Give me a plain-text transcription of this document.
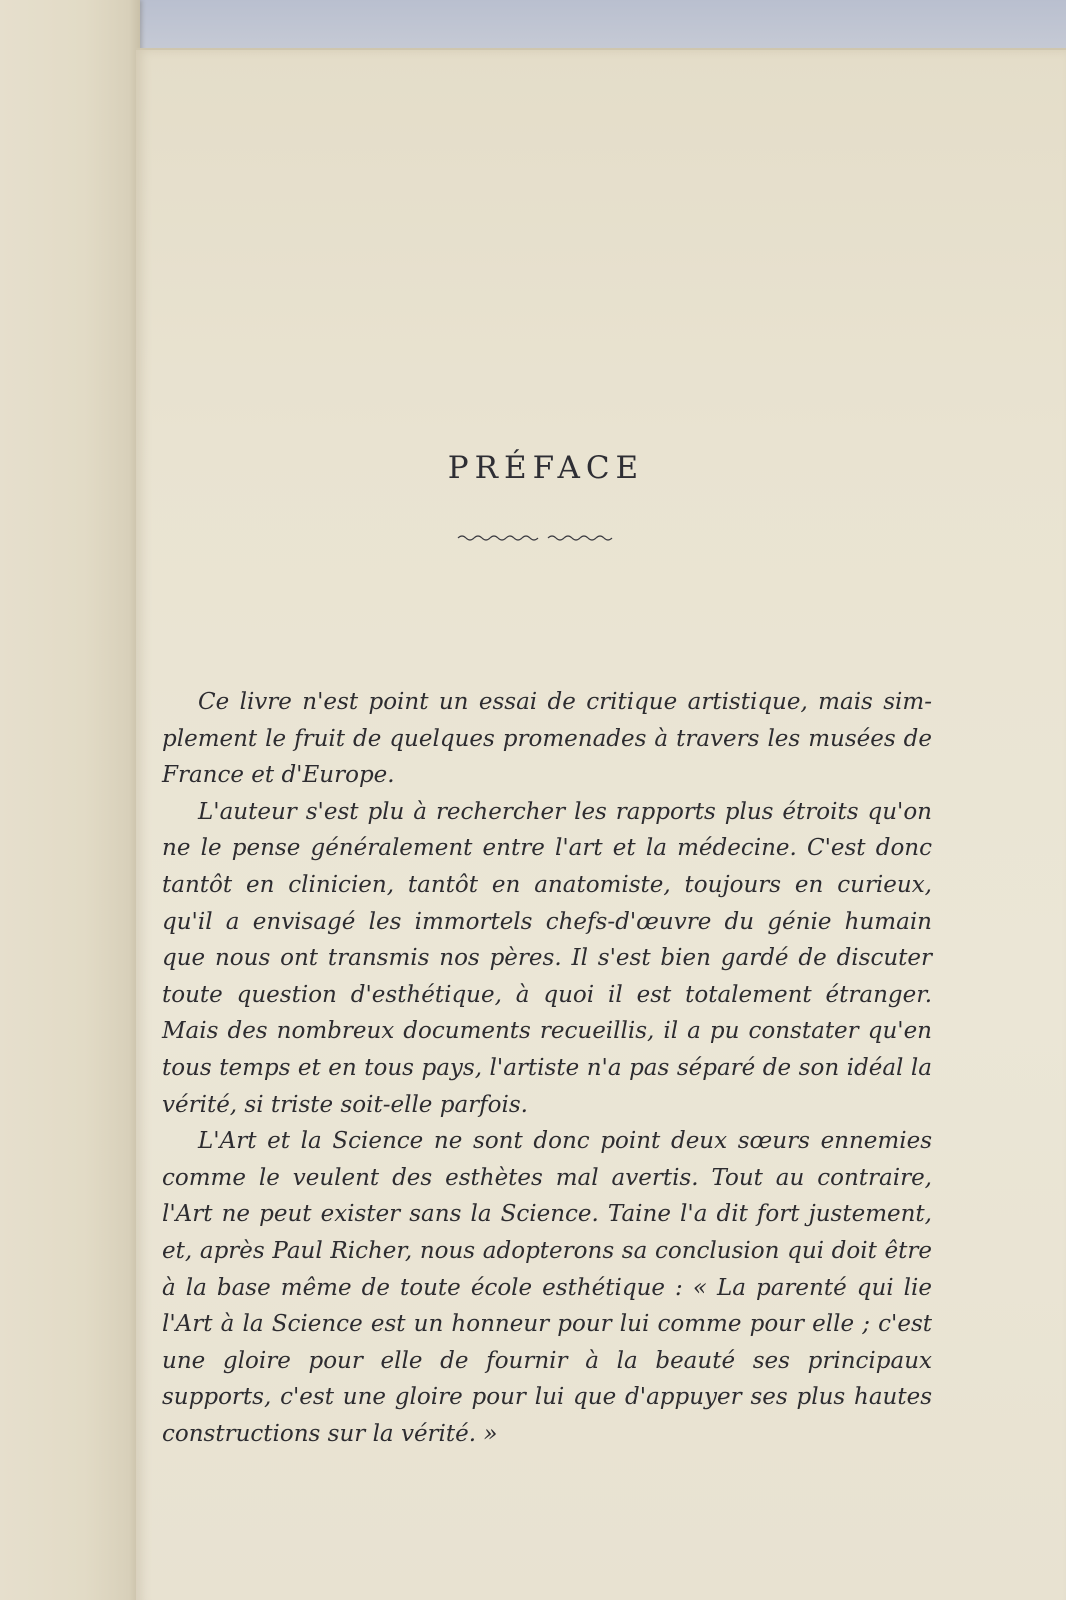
PRÉFACE

Ce livre n'est point un essai de critique artistique, mais simplement le fruit de quelques promenades à travers les musées de France et d'Europe.

L'auteur s'est plu à rechercher les rapports plus étroits qu'on ne le pense généralement entre l'art et la médecine. C'est donc tantôt en clinicien, tantôt en anatomiste, toujours en curieux, qu'il a envisagé les immortels chefs-d'œuvre du génie humain que nous ont transmis nos pères. Il s'est bien gardé de discuter toute question d'esthétique, à quoi il est totalement étranger. Mais des nombreux documents recueillis, il a pu constater qu'en tous temps et en tous pays, l'artiste n'a pas séparé de son idéal la vérité, si triste soit-elle parfois.

L'Art et la Science ne sont donc point deux sœurs ennemies comme le veulent des esthètes mal avertis. Tout au contraire, l'Art ne peut exister sans la Science. Taine l'a dit fort justement, et, après Paul Richer, nous adopterons sa conclusion qui doit être à la base même de toute école esthétique : « La parenté qui lie l'Art à la Science est un honneur pour lui comme pour elle ; c'est une gloire pour elle de fournir à la beauté ses principaux supports, c'est une gloire pour lui que d'appuyer ses plus hautes constructions sur la vérité. »
